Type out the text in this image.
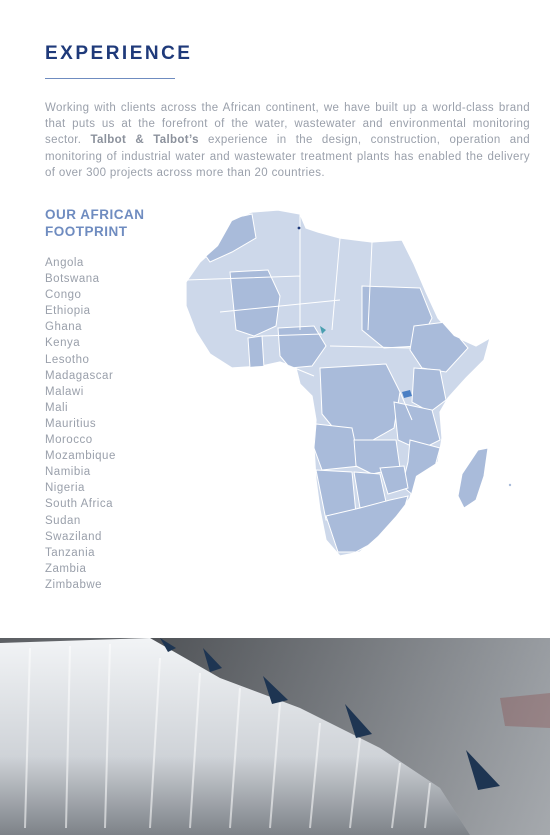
EXPERIENCE

Working with clients across the African continent, we have built up a world-class brand that puts us at the forefront of the water, wastewater and environmental monitoring sector. Talbot & Talbot’s experience in the design, construction, operation and monitoring of industrial water and wastewater treatment plants has enabled the delivery of over 300 projects across more than 20 countries.

OUR AFRICAN
FOOTPRINT
Angola
Botswana
Congo
Ethiopia
Ghana
Kenya
Lesotho
Madagascar
Malawi
Mali
Mauritius
Morocco
Mozambique
Namibia
Nigeria
South Africa
Sudan
Swaziland
Tanzania
Zambia
Zimbabwe
